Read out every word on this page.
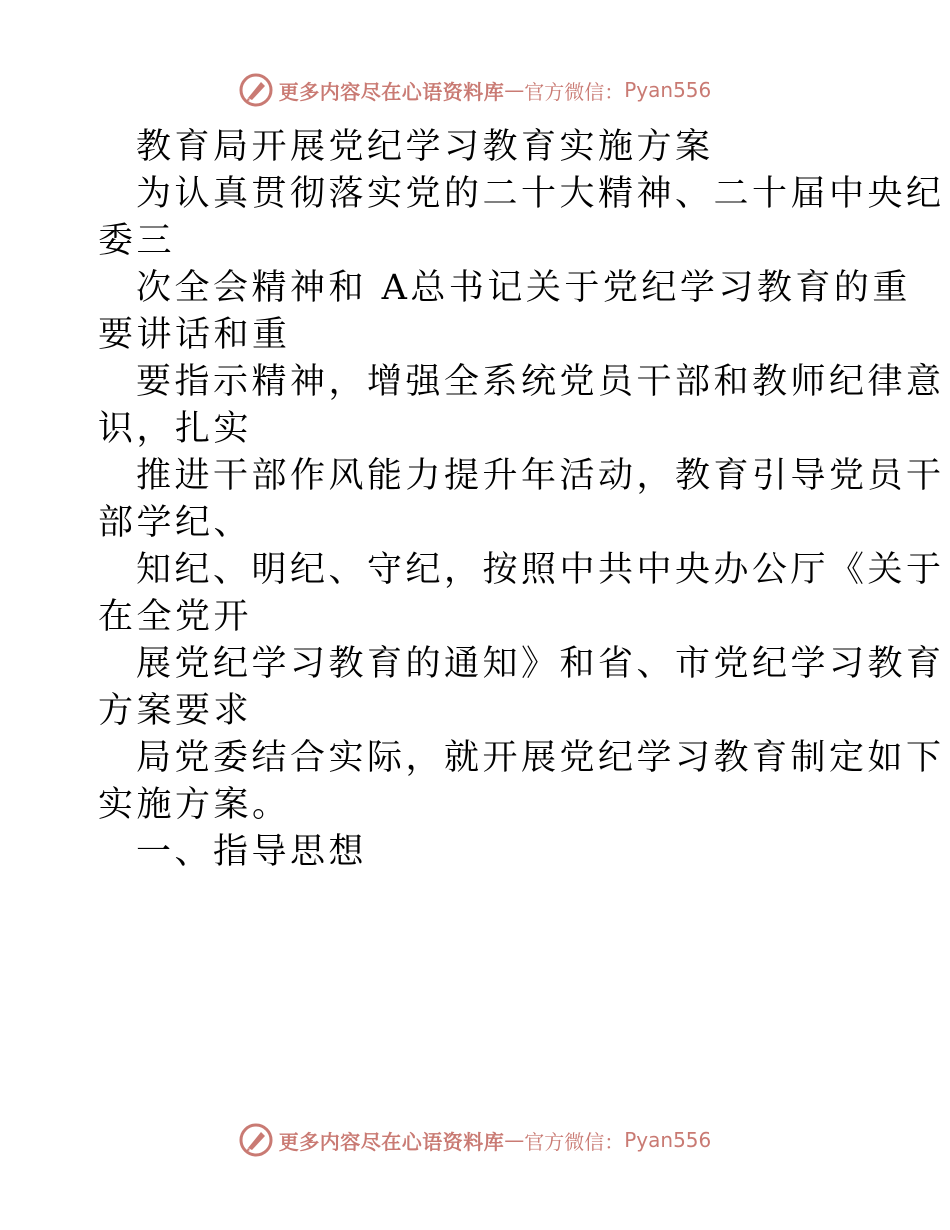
更多内容尽在心语资料库 — 官方微信： Pyan556
教育局开展党纪学习教育实施方案
为认真贯彻落实党的二十大精神、二十届中央纪
委三
次全会精神和 A总书记关于党纪学习教育的重
要讲话和重
要指示精神，增强全系统党员干部和教师纪律意
识，扎实
推进干部作风能力提升年活动，教育引导党员干
部学纪、
知纪、明纪、守纪，按照中共中央办公厅《关于
在全党开
展党纪学习教育的通知》和省、市党纪学习教育
方案要求
局党委结合实际，就开展党纪学习教育制定如下
实施方案。
一、指导思想
更多内容尽在心语资料库 — 官方微信： Pyan556
